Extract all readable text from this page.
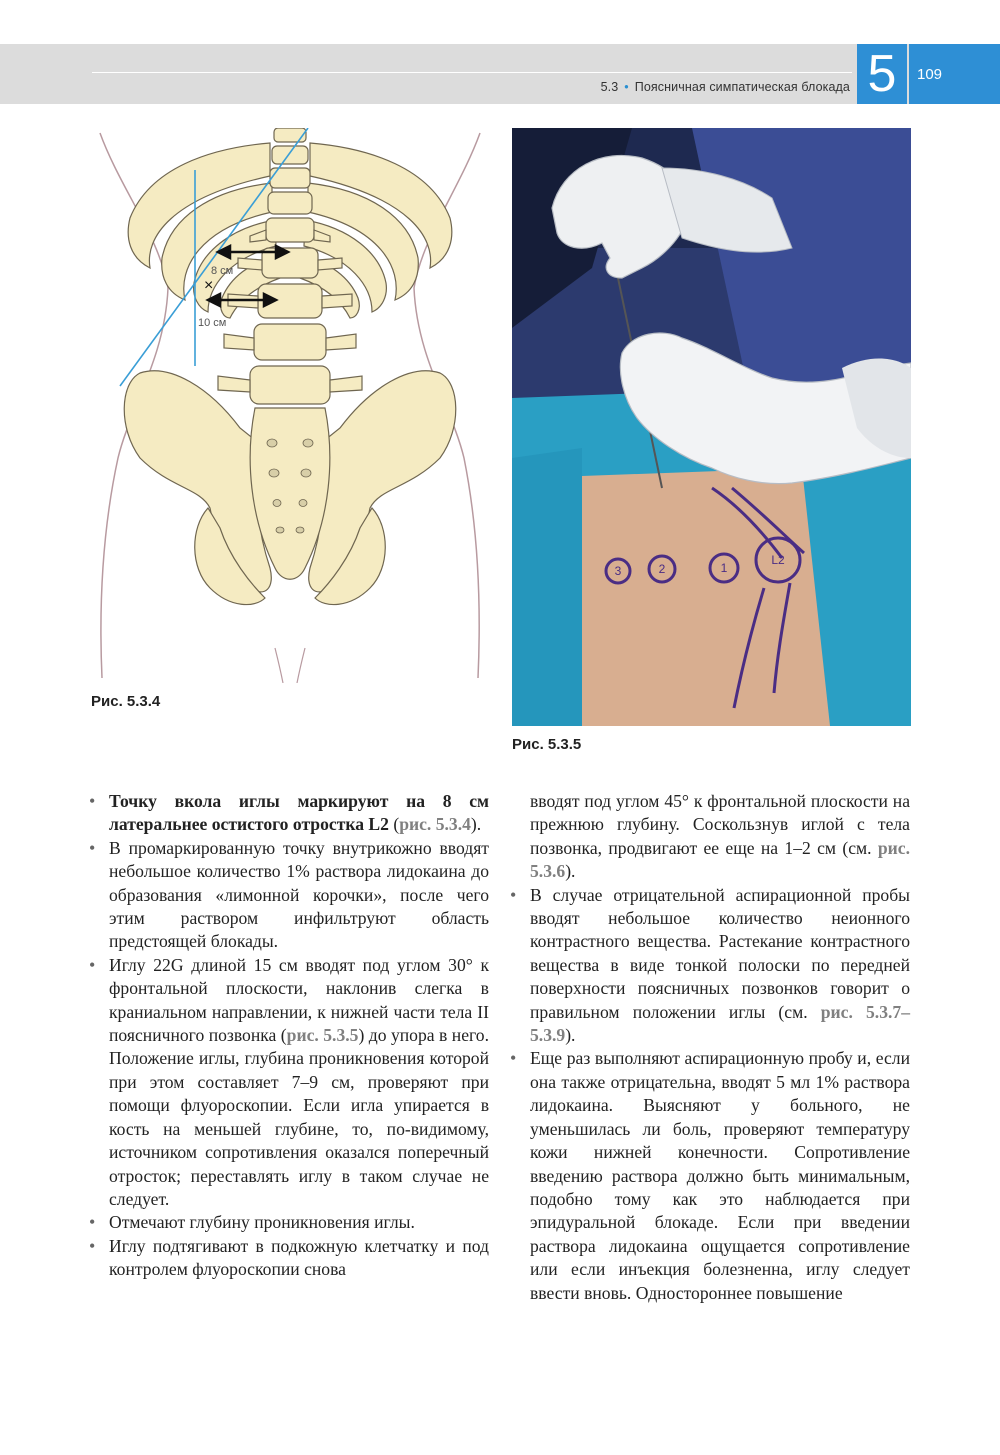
5.3 • Поясничная симпатическая блокада 5	109
8 см
10 см
×
Рис. 5.3.4
3	2	1
L2
Рис. 5.3.5

• Точку вкола иглы маркируют на 8 см латеральнее остистого отростка L2 (рис. 5.3.4).

• В промаркированную точку внутрикожно вводят небольшое количество 1% раствора лидокаина до образования «лимонной корочки», после чего этим раствором инфильтруют область предстоящей блокады.

• Иглу 22G длиной 15 см вводят под углом 30° к фронтальной плоскости, наклонив слегка в краниальном направлении, к нижней части тела II поясничного позвонка (рис. 5.3.5) до упора в него. Положение иглы, глубина проникновения которой при этом составляет 7–9 см, проверяют при помощи флуороскопии. Если игла упирается в кость на меньшей глубине, то, по-видимому, источником сопротивления оказался поперечный отросток; переставлять иглу в таком случае не следует.

• Отмечают глубину проникновения иглы.

• Иглу подтягивают в подкожную клетчатку и под контролем флуороскопии снова

вводят под углом 45° к фронтальной плоскости на прежнюю глубину. Соскользнув иглой с тела позвонка, продвигают ее еще на 1–2 см (см. рис. 5.3.6).

• В случае отрицательной аспирационной пробы вводят небольшое количество неионного контрастного вещества. Растекание контрастного вещества в виде тонкой полоски по передней поверхности поясничных позвонков говорит о правильном положении иглы (см. рис. 5.3.7–5.3.9).

• Еще раз выполняют аспирационную пробу и, если она также отрицательна, вводят 5 мл 1% раствора лидокаина. Выясняют у больного, не уменьшилась ли боль, проверяют температуру кожи нижней конечности. Сопротивление введению раствора должно быть минимальным, подобно тому как это наблюдается при эпидуральной блокаде. Если при введении раствора лидокаина ощущается сопротивление или если инъекция болезненна, иглу следует ввести вновь. Одностороннее повышение
